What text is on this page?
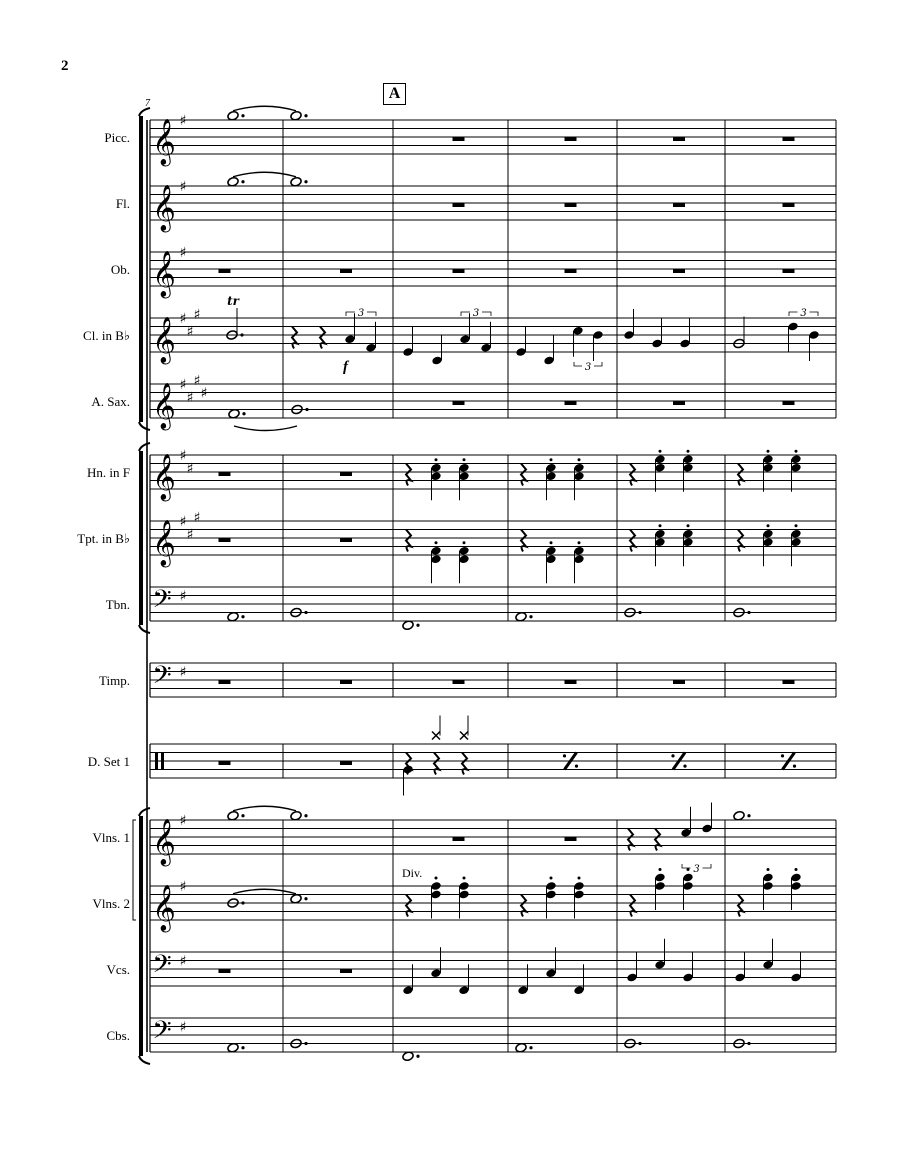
Picc.
Fl.
Ob.
Cl. in B♭
A. Sax.
Hn. in F
Tpt. in B♭
Tbn.
Timp.
D. Set 1
Vlns. 1
Vlns. 2
Vcs.
Cbs.
2
A
7
f
Div.
𝄞 ♯
𝄞 ♯
𝄞 ♯
𝄞 ♯
♯
♯
𝄞 ♯
♯
♯
♯
𝄞 ♯
♯
𝄞 ♯
♯
♯
𝄢 ♯
𝄢 ♯
𝄞 ♯
𝄞 ♯
𝄢 ♯
𝄢 ♯
tr
3	3
3
3
3
